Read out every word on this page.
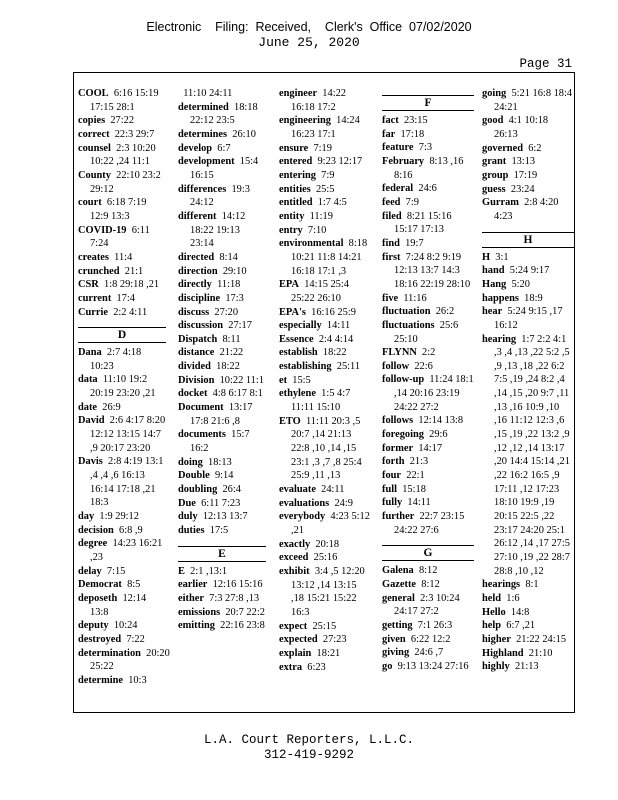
Electronic    Filing:  Received,    Clerk's  Office  07/02/2020
June 25, 2020
Page 31
COOL 6:16 15:19 17:15 28:1
copies 27:22
correct 22:3 29:7
counsel 2:3 10:20 10:22 ,24 11:1
County 22:10 23:2 29:12
court 6:18 7:19 12:9 13:3
COVID-19 6:11 7:24
creates 11:4
crunched 21:1
CSR 1:8 29:18 ,21
current 17:4
Currie 2:2 4:11
D
Dana 2:7 4:18 10:23
data 11:10 19:2 20:19 23:20 ,21
date 26:9
David 2:6 4:17 8:20 12:12 13:15 14:7 ,9 20:17 23:20
Davis 2:8 4:19 13:1 ,4 ,4 ,6 16:13 16:14 17:18 ,21 18:3
day 1:9 29:12
decision 6:8 ,9
degree 14:23 16:21 ,23
delay 7:15
Democrat 8:5
deposeth 12:14 13:8
deputy 10:24
destroyed 7:22
determination 20:20 25:22
determine 10:3
11:10 24:11
determined 18:18 22:12 23:5
determines 26:10
develop 6:7
development 15:4 16:15
differences 19:3 24:12
different 14:12 18:22 19:13 23:14
directed 8:14
direction 29:10
directly 11:18
discipline 17:3
discuss 27:20
discussion 27:17
Dispatch 8:11
distance 21:22
divided 18:22
Division 10:22 11:1
docket 4:8 6:17 8:1
Document 13:17 17:8 21:6 ,8
documents 15:7 16:2
doing 18:13
Double 9:14
doubling 26:4
Due 6:11 7:23
duly 12:13 13:7
duties 17:5
E
E 2:1 ,13:1
earlier 12:16 15:16
either 7:3 27:8 ,13
emissions 20:7 22:2
emitting 22:16 23:8
engineer 14:22 16:18 17:2
engineering 14:24 16:23 17:1
ensure 7:19
entered 9:23 12:17
entering 7:9
entities 25:5
entitled 1:7 4:5
entity 11:19
entry 7:10
environmental 8:18 10:21 11:8 14:21 16:18 17:1 ,3
EPA 14:15 25:4 25:22 26:10
EPA's 16:16 25:9
especially 14:11
Essence 2:4 4:14
establish 18:22
establishing 25:11
et 15:5
ethylene 1:5 4:7 11:11 15:10
ETO 11:11 20:3 ,5 20:7 ,14 21:13 22:8 ,10 ,14 ,15 23:1 ,3 ,7 ,8 25:4 25:9 ,11 ,13
evaluate 24:11
evaluations 24:9
everybody 4:23 5:12 ,21
exactly 20:18
exceed 25:16
exhibit 3:4 ,5 12:20 13:12 ,14 13:15 ,18 15:21 15:22 16:3
expect 25:15
expected 27:23
explain 18:21
extra 6:23
F
fact 23:15
far 17:18
feature 7:3
February 8:13 ,16 8:16
federal 24:6
feed 7:9
filed 8:21 15:16 15:17 17:13
find 19:7
first 7:24 8:2 9:19 12:13 13:7 14:3 18:16 22:19 28:10
five 11:16
fluctuation 26:2
fluctuations 25:6 25:10
FLYNN 2:2
follow 22:6
follow-up 11:24 18:1 ,14 20:16 23:19 24:22 27:2
follows 12:14 13:8
foregoing 29:6
former 14:17
forth 21:3
four 22:1
full 15:18
fully 14:11
further 22:7 23:15 24:22 27:6
G
Galena 8:12
Gazette 8:12
general 2:3 10:24 24:17 27:2
getting 7:1 26:3
given 6:22 12:2
giving 24:6 ,7
go 9:13 13:24 27:16
going 5:21 16:8 18:4 24:21
good 4:1 10:18 26:13
governed 6:2
grant 13:13
group 17:19
guess 23:24
Gurram 2:8 4:20 4:23
H
H 3:1
hand 5:24 9:17
Hang 5:20
happens 18:9
hear 5:24 9:15 ,17 16:12
hearing 1:7 2:2 4:1 ,3 ,4 ,13 ,22 5:2 ,5 ,9 ,13 ,18 ,22 6:2 7:5 ,19 ,24 8:2 ,4 ,14 ,15 ,20 9:7 ,11 ,13 ,16 10:9 ,10 ,16 11:12 12:3 ,6 ,15 ,19 ,22 13:2 ,9 ,12 ,12 ,14 13:17 ,20 14:4 15:14 ,21 ,22 16:2 16:5 ,9 17:11 ,12 17:23 18:10 19:9 ,19 20:15 22:5 ,22 23:17 24:20 25:1 26:12 ,14 ,17 27:5 27:10 ,19 ,22 28:7 28:8 ,10 ,12
hearings 8:1
held 1:6
Hello 14:8
help 6:7 ,21
higher 21:22 24:15
Highland 21:10
highly 21:13
L.A. Court Reporters, L.L.C.
312-419-9292
